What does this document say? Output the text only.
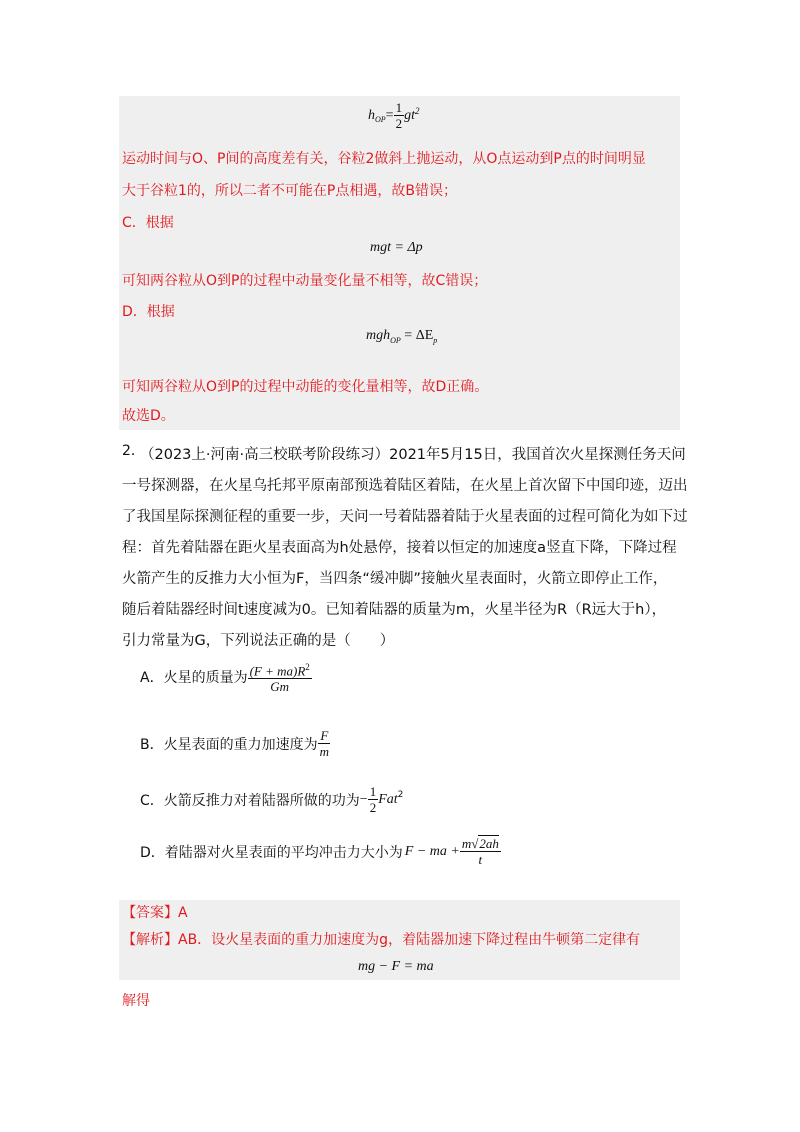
$h_{OP} = \frac{1}{2} gt^2$
运动时间与O、P间的高度差有关，谷粒2做斜上抛运动，从O点运动到P点的时间明显
大于谷粒1的，所以二者不可能在P点相遇，故B错误；
C．根据
mgt = Δp
可知两谷粒从O到P的过程中动量变化量不相等，故C错误；
D．根据
$mgh_{OP} = \Delta E_p$
可知两谷粒从O到P的过程中动能的变化量相等，故D正确。
故选D。
2．
（2023上·河南·高三校联考阶段练习）2021年5月15日，我国首次火星探测任务天问
一号探测器，在火星乌托邦平原南部预选着陆区着陆，在火星上首次留下中国印迹，迈出
了我国星际探测征程的重要一步，天问一号着陆器着陆于火星表面的过程可简化为如下过
程：首先着陆器在距火星表面高为h处悬停，接着以恒定的加速度a竖直下降，下降过程
火箭产生的反推力大小恒为F，当四条“缓冲脚”接触火星表面时，火箭立即停止工作，
随后着陆器经时间t速度减为0。已知着陆器的质量为m，火星半径为R（R远大于h），
引力常量为G，下列说法正确的是（　　）
A．火星的质量为 $\frac{(F + ma)R^2}{Gm}$
B．火星表面的重力加速度为 $\frac{F}{m}$
C．火箭反推力对着陆器所做的功为 − $\frac{1}{2} Fat^2$
D．着陆器对火星表面的平均冲击力大小为 F − ma + $\frac{m√2ah}{t}$
【答案】A
【解析】AB．设火星表面的重力加速度为g，着陆器加速下降过程由牛顿第二定律有
mg − F = ma
解得
